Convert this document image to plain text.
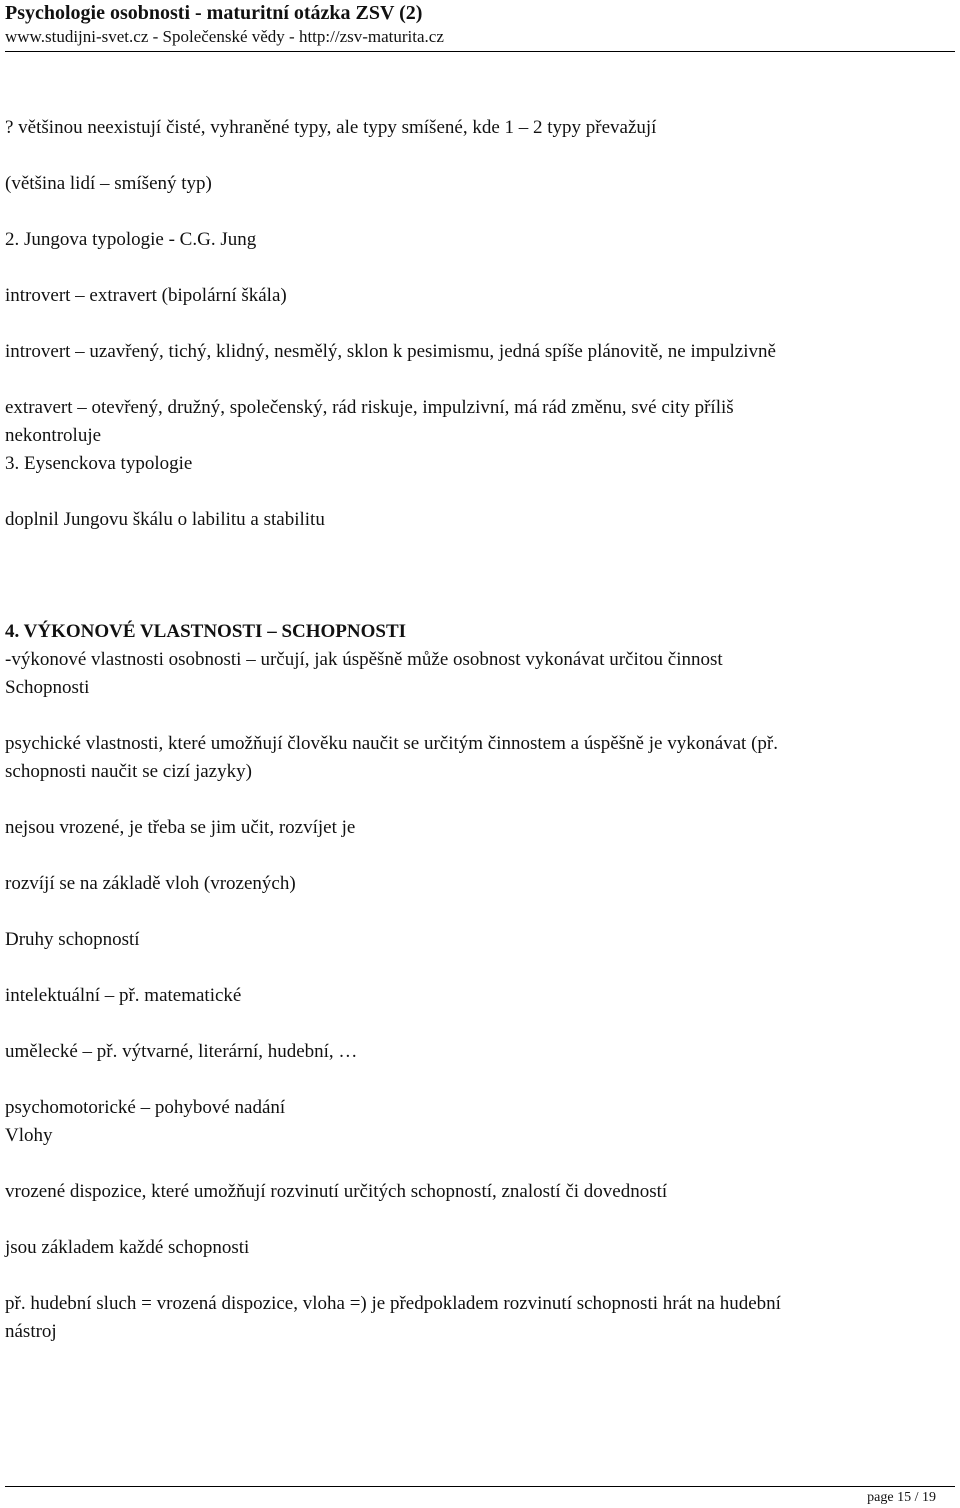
Psychologie osobnosti - maturitní otázka ZSV (2)
www.studijni-svet.cz - Společenské vědy - http://zsv-maturita.cz
? většinou neexistují čisté, vyhraněné typy, ale typy smíšené, kde 1 – 2 typy převažují
(většina lidí – smíšený typ)
2. Jungova typologie - C.G. Jung
introvert – extravert (bipolární škála)
introvert – uzavřený, tichý, klidný, nesmělý, sklon k pesimismu, jedná spíše plánovitě, ne impulzivně
extravert – otevřený, družný, společenský, rád riskuje, impulzivní, má rád změnu, své city příliš
nekontroluje
3. Eysenckova typologie
doplnil Jungovu škálu o labilitu a stabilitu
4. VÝKONOVÉ VLASTNOSTI – SCHOPNOSTI
-výkonové vlastnosti osobnosti – určují, jak úspěšně může osobnost vykonávat určitou činnost
Schopnosti
psychické vlastnosti, které umožňují člověku naučit se určitým činnostem a úspěšně je vykonávat (př.
schopnosti naučit se cizí jazyky)
nejsou vrozené, je třeba se jim učit, rozvíjet je
rozvíjí se na základě vloh (vrozených)
Druhy schopností
intelektuální – př. matematické
umělecké – př. výtvarné, literární, hudební, …
psychomotorické – pohybové nadání
Vlohy
vrozené dispozice, které umožňují rozvinutí určitých schopností, znalostí či dovedností
jsou základem každé schopnosti
př. hudební sluch = vrozená dispozice, vloha =) je předpokladem rozvinutí schopnosti hrát na hudební
nástroj
page 15 / 19
